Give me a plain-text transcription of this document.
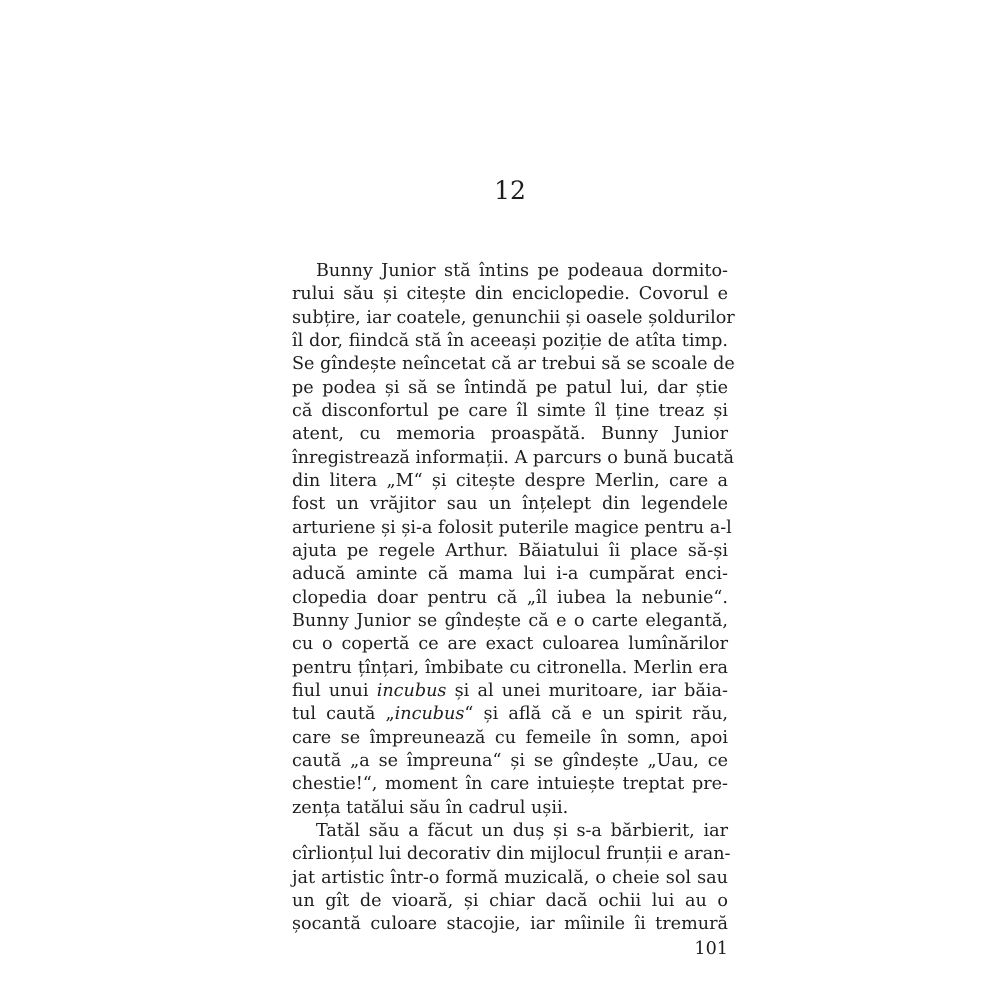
12
Bunny Junior stă întins pe podeaua dormito-
rului său și citește din enciclopedie. Covorul e
subțire, iar coatele, genunchii și oasele șoldurilor
îl dor, fiindcă stă în aceeași poziție de atîta timp.
Se gîndește neîncetat că ar trebui să se scoale de
pe podea și să se întindă pe patul lui, dar știe
că disconfortul pe care îl simte îl ține treaz și
atent, cu memoria proaspătă. Bunny Junior
înregistrează informații. A parcurs o bună bucată
din litera „M“ și citește despre Merlin, care a
fost un vrăjitor sau un înțelept din legendele
arturiene și și-a folosit puterile magice pentru a-l
ajuta pe regele Arthur. Băiatului îi place să-și
aducă aminte că mama lui i-a cumpărat enci-
clopedia doar pentru că „îl iubea la nebunie“.
Bunny Junior se gîndește că e o carte elegantă,
cu o copertă ce are exact culoarea lumînărilor
pentru țînțari, îmbibate cu citronella. Merlin era
fiul unui incubus și al unei muritoare, iar băia-
tul caută „incubus“ și află că e un spirit rău,
care se împreunează cu femeile în somn, apoi
caută „a se împreuna“ și se gîndește „Uau, ce
chestie!“, moment în care intuiește treptat pre-
zența tatălui său în cadrul ușii.
Tatăl său a făcut un duș și s-a bărbierit, iar
cîrlionțul lui decorativ din mijlocul frunții e aran-
jat artistic într-o formă muzicală, o cheie sol sau
un gît de vioară, și chiar dacă ochii lui au o
șocantă culoare stacojie, iar mîinile îi tremură
101
